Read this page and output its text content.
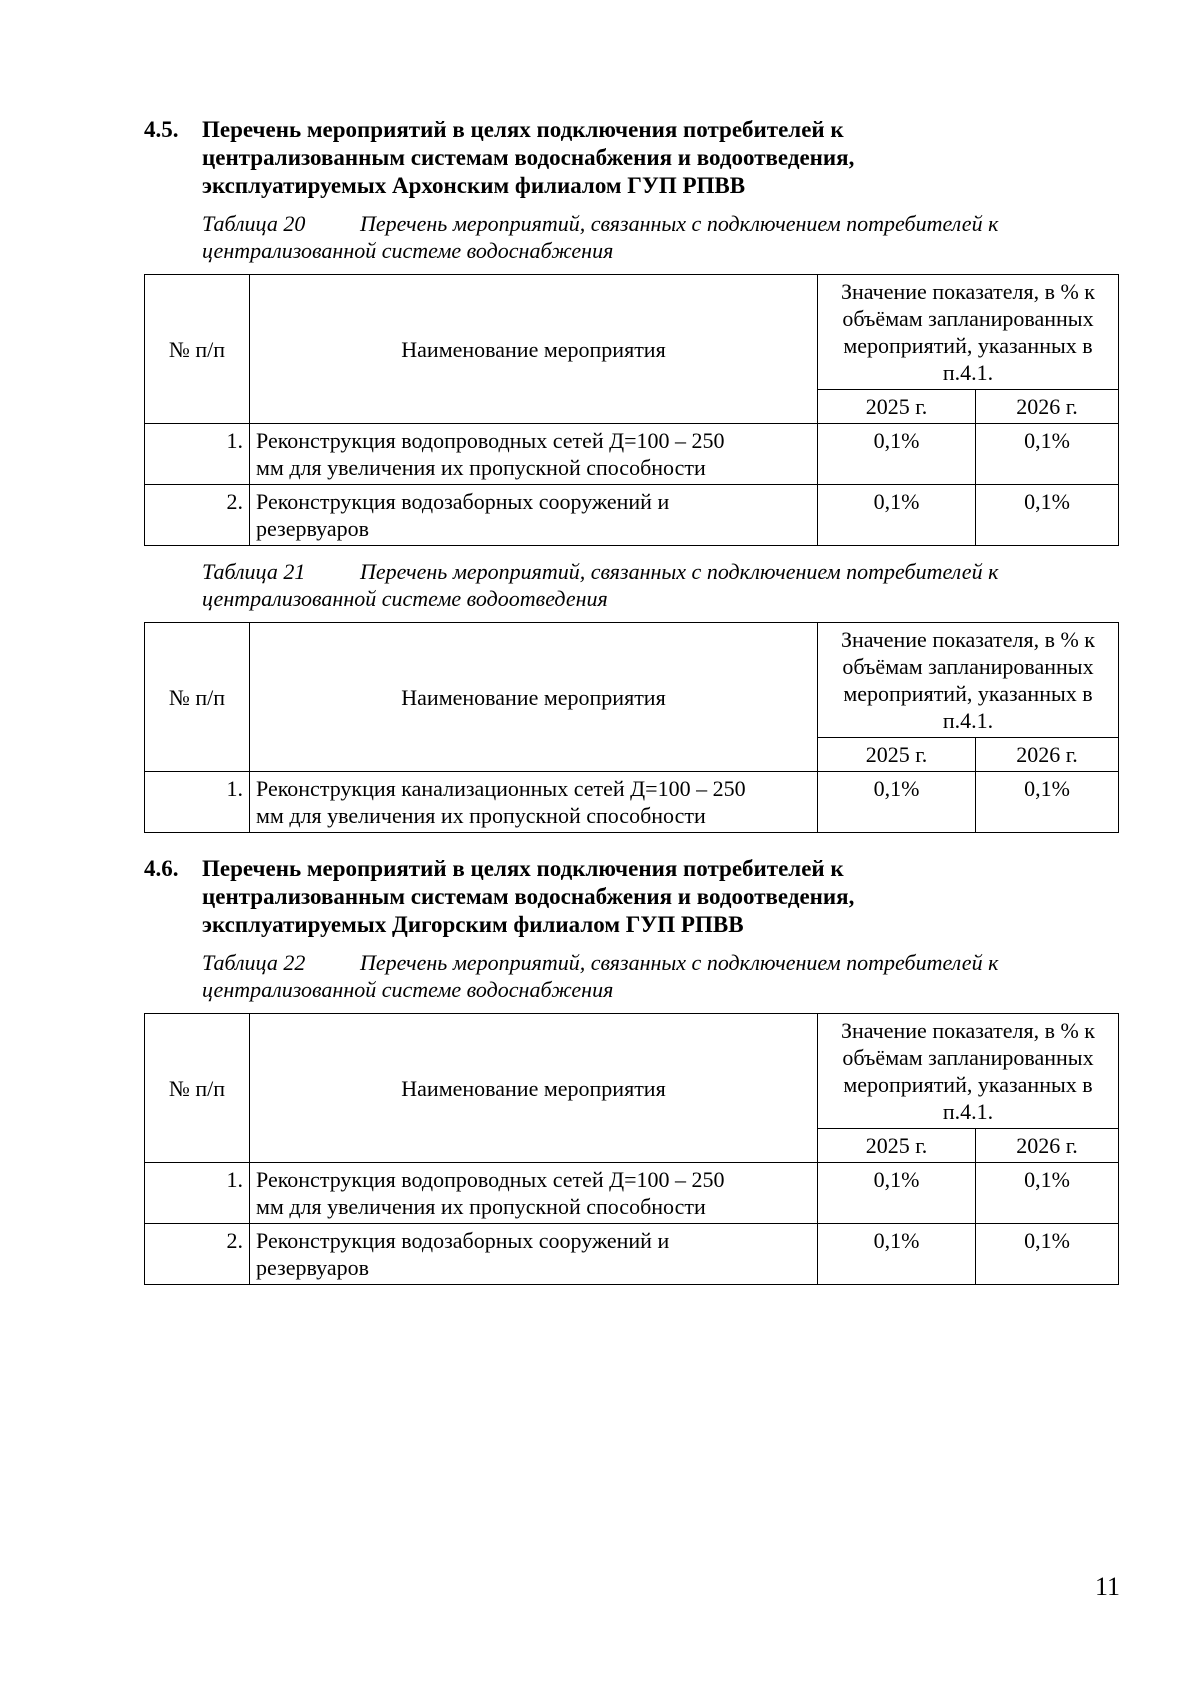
4.5. Перечень мероприятий в целях подключения потребителей к
централизованным системам водоснабжения и водоотведения,
эксплуатируемых Архонским филиалом ГУП РПВВ
Таблица 20 Перечень мероприятий, связанных с подключением потребителей к
централизованной системе водоснабжения
№ п/п	Наименование мероприятия	Значение показателя, в % к
объёмам запланированных
мероприятий, указанных в
п.4.1.	

		2025 г.	2026 г.
1.	Реконструкция водопроводных сетей Д=100 – 250
мм для увеличения их пропускной способности	0,1%	0,1%
2.	Реконструкция водозаборных сооружений и
резервуаров	0,1%	0,1%
Таблица 21 Перечень мероприятий, связанных с подключением потребителей к
централизованной системе водоотведения
№ п/п	Наименование мероприятия	Значение показателя, в % к
объёмам запланированных
мероприятий, указанных в
п.4.1.	

		2025 г.	2026 г.
1.	Реконструкция канализационных сетей Д=100 – 250
мм для увеличения их пропускной способности	0,1%	0,1%
4.6. Перечень мероприятий в целях подключения потребителей к
централизованным системам водоснабжения и водоотведения,
эксплуатируемых Дигорским филиалом ГУП РПВВ
Таблица 22 Перечень мероприятий, связанных с подключением потребителей к
централизованной системе водоснабжения
№ п/п	Наименование мероприятия	Значение показателя, в % к
объёмам запланированных
мероприятий, указанных в
п.4.1.	

		2025 г.	2026 г.
1.	Реконструкция водопроводных сетей Д=100 – 250
мм для увеличения их пропускной способности	0,1%	0,1%
2.	Реконструкция водозаборных сооружений и
резервуаров	0,1%	0,1%
11
